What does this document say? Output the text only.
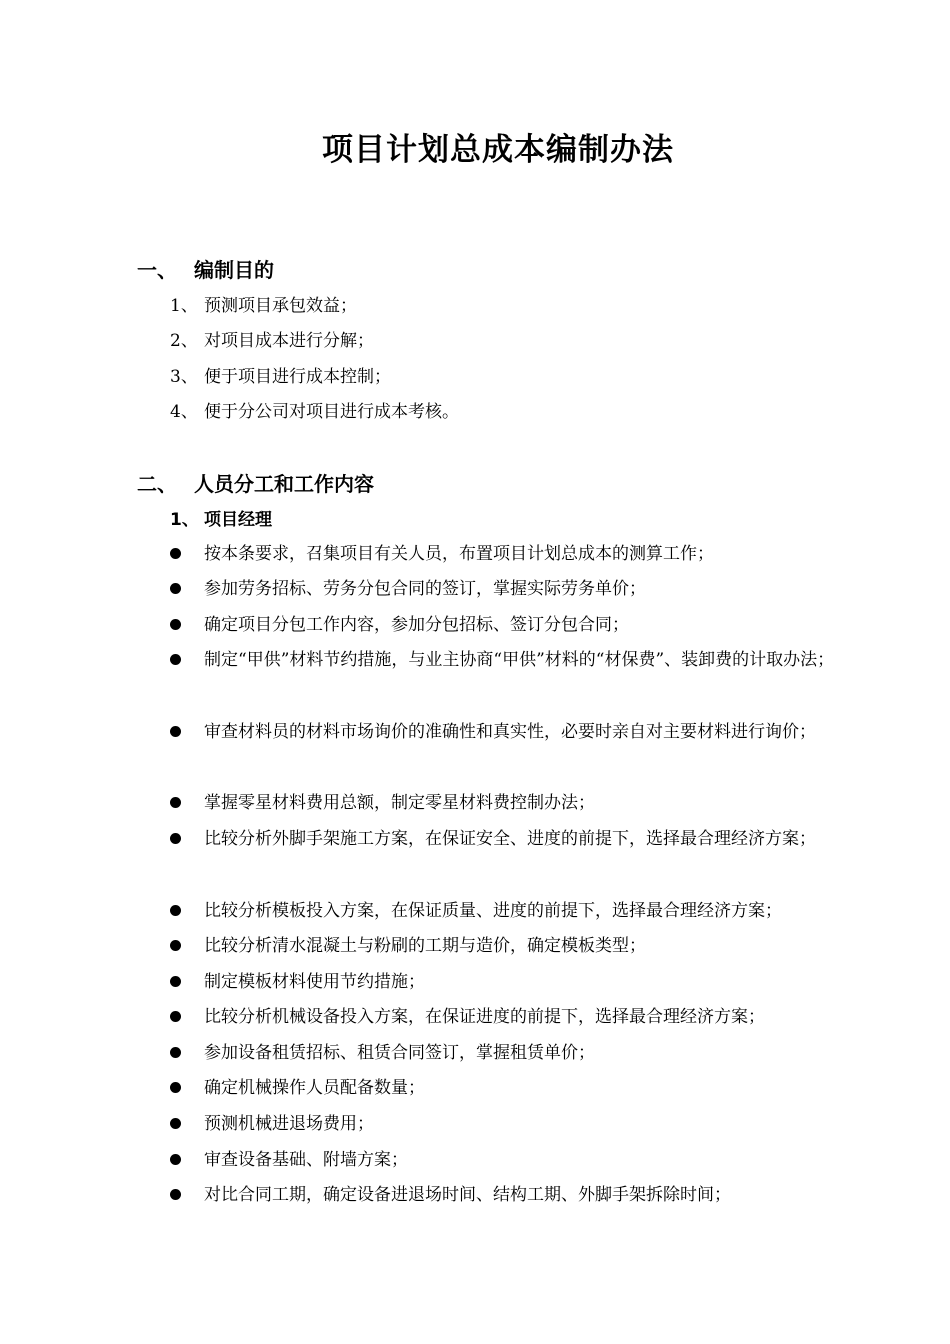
项目计划总成本编制办法
一、 编制目的
1、 预测项目承包效益；
2、 对项目成本进行分解；
3、 便于项目进行成本控制；
4、 便于分公司对项目进行成本考核。
二、 人员分工和工作内容
1、 项目经理
按本条要求，召集项目有关人员，布置项目计划总成本的测算工作；
参加劳务招标、劳务分包合同的签订，掌握实际劳务单价；
确定项目分包工作内容，参加分包招标、签订分包合同；
制定“甲供”材料节约措施，与业主协商“甲供”材料的“材保费”、装卸费的计取办法；
审查材料员的材料市场询价的准确性和真实性，必要时亲自对主要材料进行询价；
掌握零星材料费用总额，制定零星材料费控制办法；
比较分析外脚手架施工方案，在保证安全、进度的前提下，选择最合理经济方案；
比较分析模板投入方案，在保证质量、进度的前提下，选择最合理经济方案；
比较分析清水混凝土与粉刷的工期与造价，确定模板类型；
制定模板材料使用节约措施；
比较分析机械设备投入方案，在保证进度的前提下，选择最合理经济方案；
参加设备租赁招标、租赁合同签订，掌握租赁单价；
确定机械操作人员配备数量；
预测机械进退场费用；
审查设备基础、附墙方案；
对比合同工期，确定设备进退场时间、结构工期、外脚手架拆除时间；
